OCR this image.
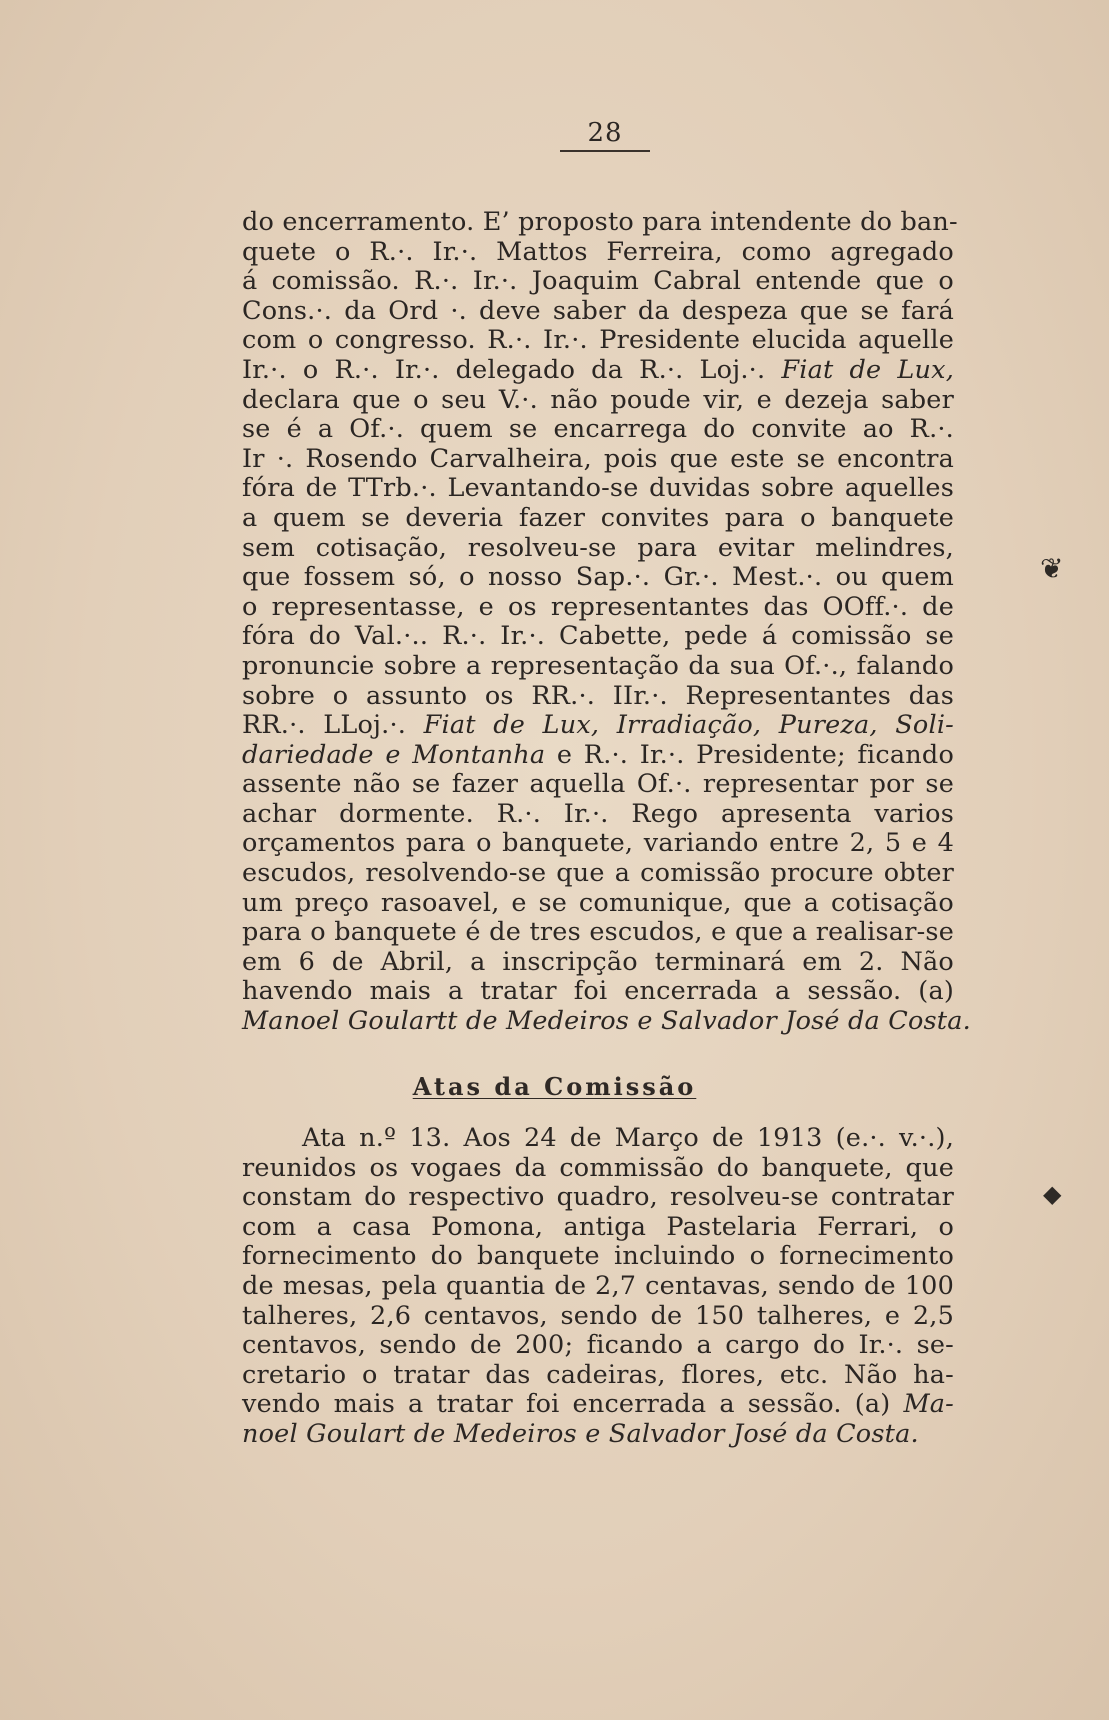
28
do encerramento. E’ proposto para intendente do ban-
quete o R.·. Ir.·. Mattos Ferreira, como agregado
á comissão. R.·. Ir.·. Joaquim Cabral entende que o
Cons.·. da Ord ·. deve saber da despeza que se fará
com o congresso. R.·. Ir.·. Presidente elucida aquelle
Ir.·. o R.·. Ir.·. delegado da R.·. Loj.·. Fiat de Lux,
declara que o seu V.·. não poude vir, e dezeja saber
se é a Of.·. quem se encarrega do convite ao R.·.
Ir ·. Rosendo Carvalheira, pois que este se encontra
fóra de TTrb.·. Levantando-se duvidas sobre aquelles
a quem se deveria fazer convites para o banquete
sem cotisação, resolveu-se para evitar melindres,
que fossem só, o nosso Sap.·. Gr.·. Mest.·. ou quem
o representasse, e os representantes das OOff.·. de
fóra do Val.·.. R.·. Ir.·. Cabette, pede á comissão se
pronuncie sobre a representação da sua Of.·., falando
sobre o assunto os RR.·. IIr.·. Representantes das
RR.·. LLoj.·. Fiat de Lux, Irradiação, Pureza, Soli-
dariedade e Montanha e R.·. Ir.·. Presidente; ficando
assente não se fazer aquella Of.·. representar por se
achar dormente. R.·. Ir.·. Rego apresenta varios
orçamentos para o banquete, variando entre 2, 5 e 4
escudos, resolvendo-se que a comissão procure obter
um preço rasoavel, e se comunique, que a cotisação
para o banquete é de tres escudos, e que a realisar-se
em 6 de Abril, a inscripção terminará em 2. Não
havendo mais a tratar foi encerrada a sessão. (a)
Manoel Goulartt de Medeiros e Salvador José da Costa.
Atas da Comissão
Ata n.º 13. Aos 24 de Março de 1913 (e.·. v.·.),
reunidos os vogaes da commissão do banquete, que
constam do respectivo quadro, resolveu-se contratar
com a casa Pomona, antiga Pastelaria Ferrari, o
fornecimento do banquete incluindo o fornecimento
de mesas, pela quantia de 2,7 centavas, sendo de 100
talheres, 2,6 centavos, sendo de 150 talheres, e 2,5
centavos, sendo de 200; ficando a cargo do Ir.·. se-
cretario o tratar das cadeiras, flores, etc. Não ha-
vendo mais a tratar foi encerrada a sessão. (a) Ma-
noel Goulart de Medeiros e Salvador José da Costa.
❦
◆
